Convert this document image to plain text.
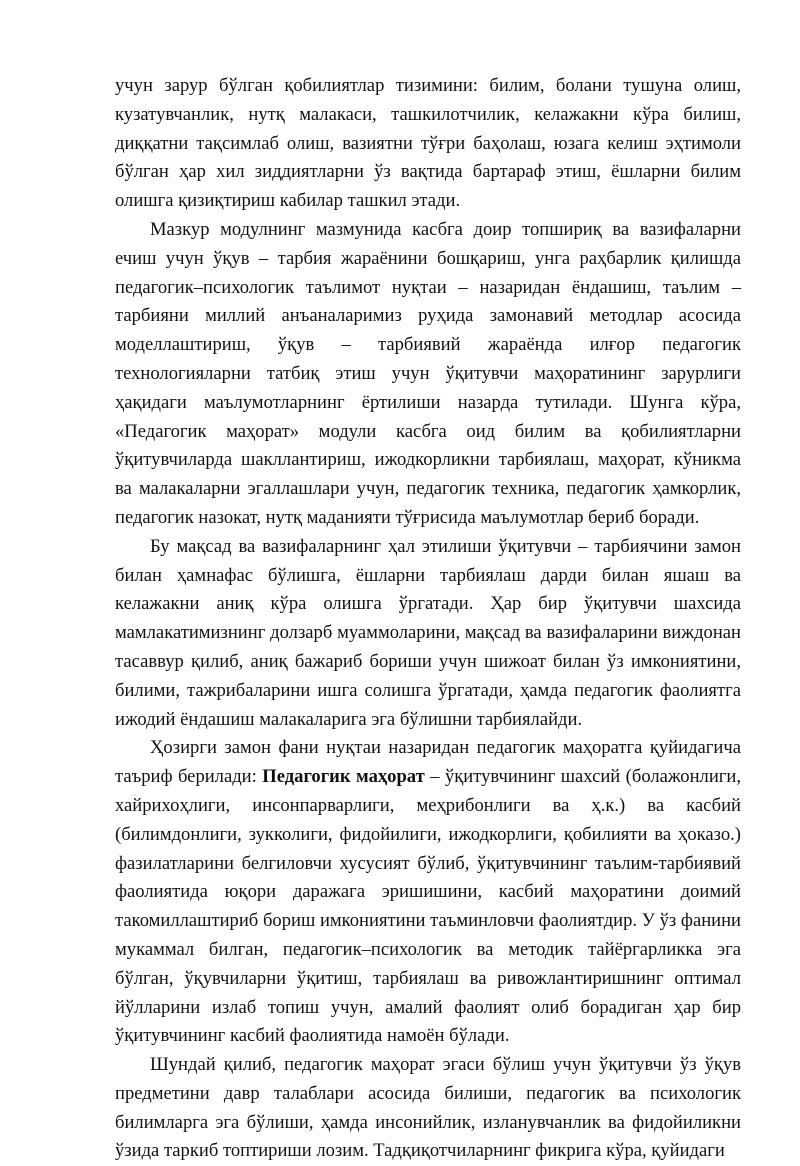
учун зарур бўлган қобилиятлар тизимини: билим, болани тушуна олиш, кузатувчанлик, нутқ малакаси, ташкилотчилик, келажакни кўра билиш, диққатни тақсимлаб олиш, вазиятни тўғри баҳолаш, юзага келиш эҳтимоли бўлган ҳар хил зиддиятларни ўз вақтида бартараф этиш, ёшларни билим олишга қизиқтириш кабилар ташкил этади.

Мазкур модулнинг мазмунида касбга доир топшириқ ва вазифаларни ечиш учун ўқув – тарбия жараёнини бошқариш, унга раҳбарлик қилишда педагогик–психологик таълимот нуқтаи – назаридан ёндашиш, таълим – тарбияни миллий анъаналаримиз руҳида замонавий методлар асосида моделлаштириш, ўқув – тарбиявий жараёнда илғор педагогик технологияларни татбиқ этиш учун ўқитувчи маҳоратининг зарурлиги ҳақидаги маълумотларнинг ёртилиши назарда тутилади. Шунга кўра, «Педагогик маҳорат» модули касбга оид билим ва қобилиятларни ўқитувчиларда шакллантириш, ижодкорликни тарбиялаш, маҳорат, кўникма ва малакаларни эгаллашлари учун, педагогик техника, педагогик ҳамкорлик, педагогик назокат, нутқ маданияти тўғрисида маълумотлар бериб боради.

Бу мақсад ва вазифаларнинг ҳал этилиши ўқитувчи – тарбиячини замон билан ҳамнафас бўлишга, ёшларни тарбиялаш дарди билан яшаш ва келажакни аниқ кўра олишга ўргатади. Ҳар бир ўқитувчи шахсида мамлакатимизнинг долзарб муаммоларини, мақсад ва вазифаларини виждонан тасаввур қилиб, аниқ бажариб бориши учун шижоат билан ўз имкониятини, билими, тажрибаларини ишга солишга ўргатади, ҳамда педагогик фаолиятга ижодий ёндашиш малакаларига эга бўлишни тарбиялайди.

Ҳозирги замон фани нуқтаи назаридан педагогик маҳоратга қуйидагича таъриф берилади: Педагогик маҳорат – ўқитувчининг шахсий (болажонлиги, хайрихоҳлиги, инсонпарварлиги, меҳрибонлиги ва ҳ.к.) ва касбий (билимдонлиги, зукколиги, фидойилиги, ижодкорлиги, қобилияти ва ҳоказо.) фазилатларини белгиловчи хусусият бўлиб, ўқитувчининг таълим-тарбиявий фаолиятида юқори даражага эришишини, касбий маҳоратини доимий такомиллаштириб бориш имкониятини таъминловчи фаолиятдир. У ўз фанини мукаммал билган, педагогик–психологик ва методик тайёргарликка эга бўлган, ўқувчиларни ўқитиш, тарбиялаш ва ривожлантиришнинг оптимал йўлларини излаб топиш учун, амалий фаолият олиб борадиган ҳар бир ўқитувчининг касбий фаолиятида намоён бўлади.

Шундай қилиб, педагогик маҳорат эгаси бўлиш учун ўқитувчи ўз ўқув предметини давр талаблари асосида билиши, педагогик ва психологик билимларга эга бўлиши, ҳамда инсонийлик, изланувчанлик ва фидойиликни ўзида таркиб топтириши лозим. Тадқиқотчиларнинг фикрига кўра, қуйидаги
